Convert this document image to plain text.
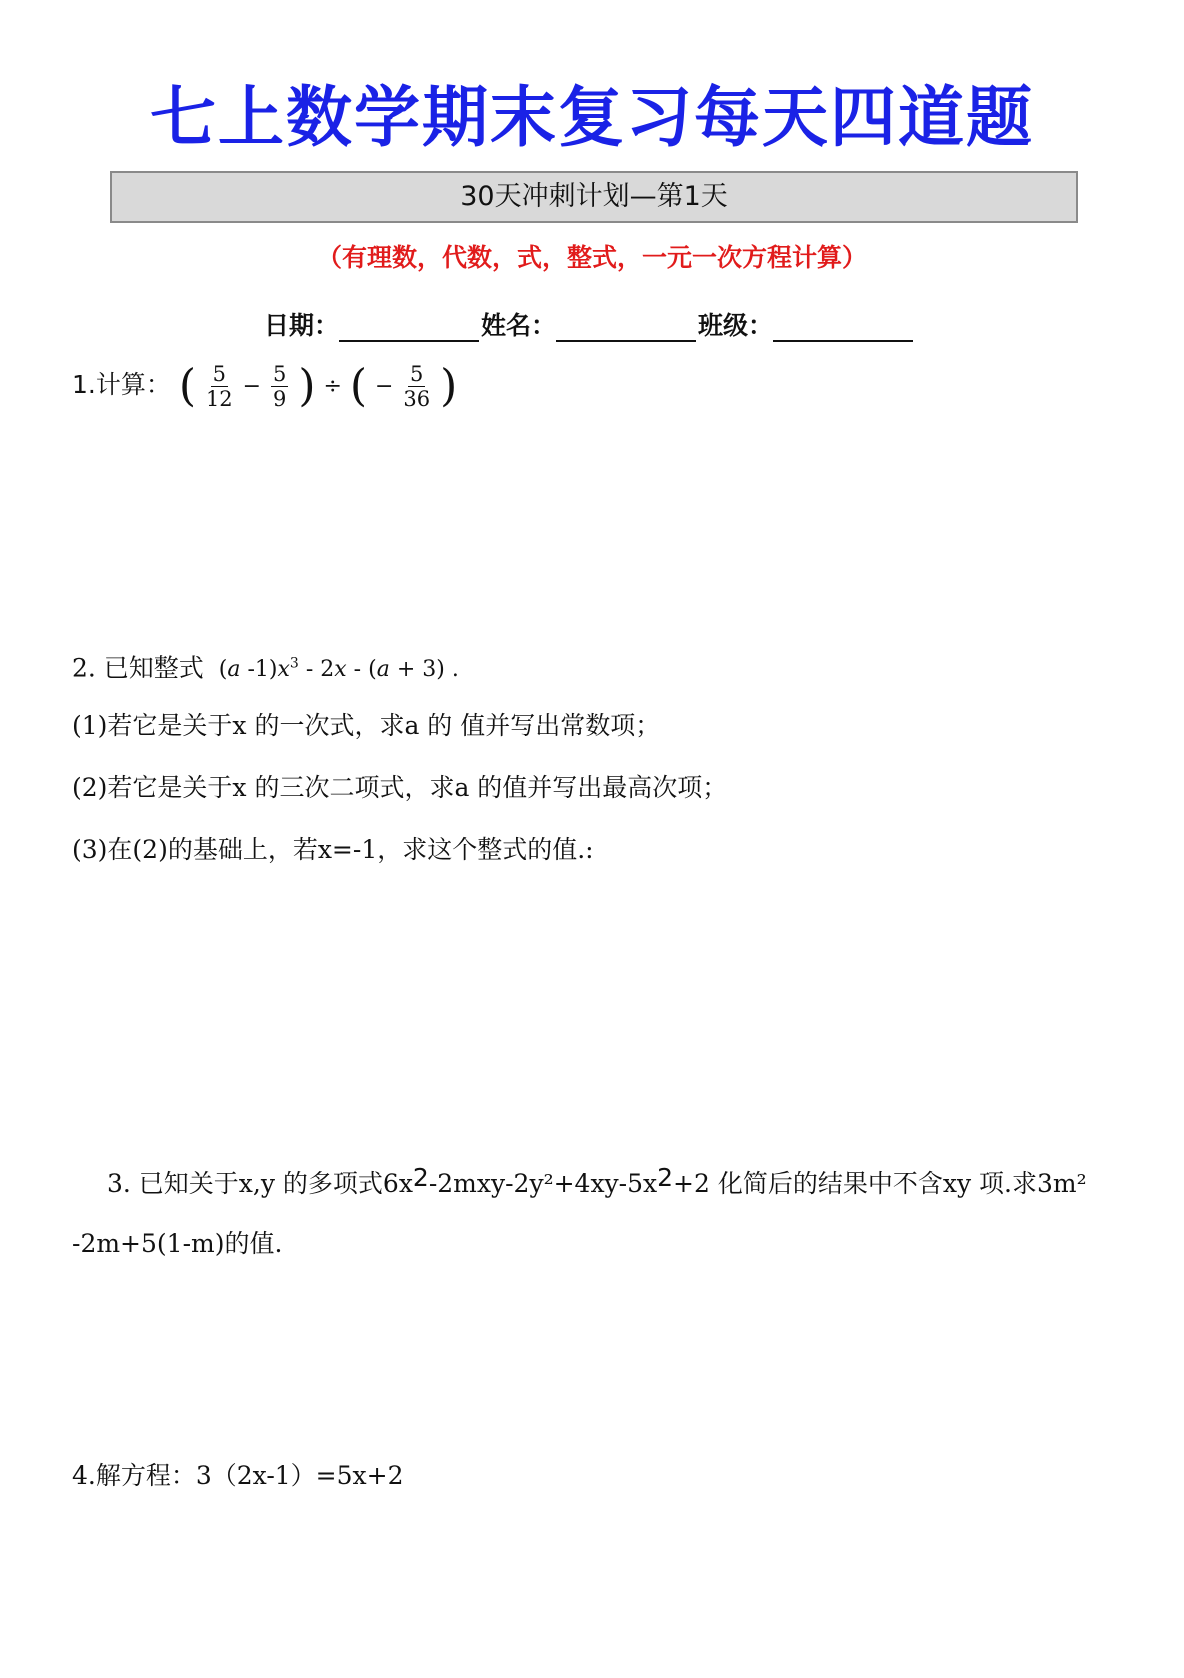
七上数学期末复习每天四道题
30天冲刺计划—第1天
（有理数，代数，式，整式，一元一次方程计算）
日期：	姓名：	班级：
1.计算： ( $\frac{5}{12} - \frac{5}{9}$ ) ÷ ( − $\frac{5}{36}$ )
2. 已知整式 (a $-1)x^3 - 2x - (a + 3)$ .
(1)若它是关于x 的一次式，求a 的 值并写出常数项；
(2)若它是关于x 的三次二项式，求a 的值并写出最高次项；
(3)在(2)的基础上，若x=-1，求这个整式的值.:
3. 已知关于x,y 的多项式6x2-2mxy-2y²+4xy-5x2+2 化简后的结果中不含xy 项.求3m²
-2m+5(1-m)的值.
4.解方程：3（2x-1）=5x+2
